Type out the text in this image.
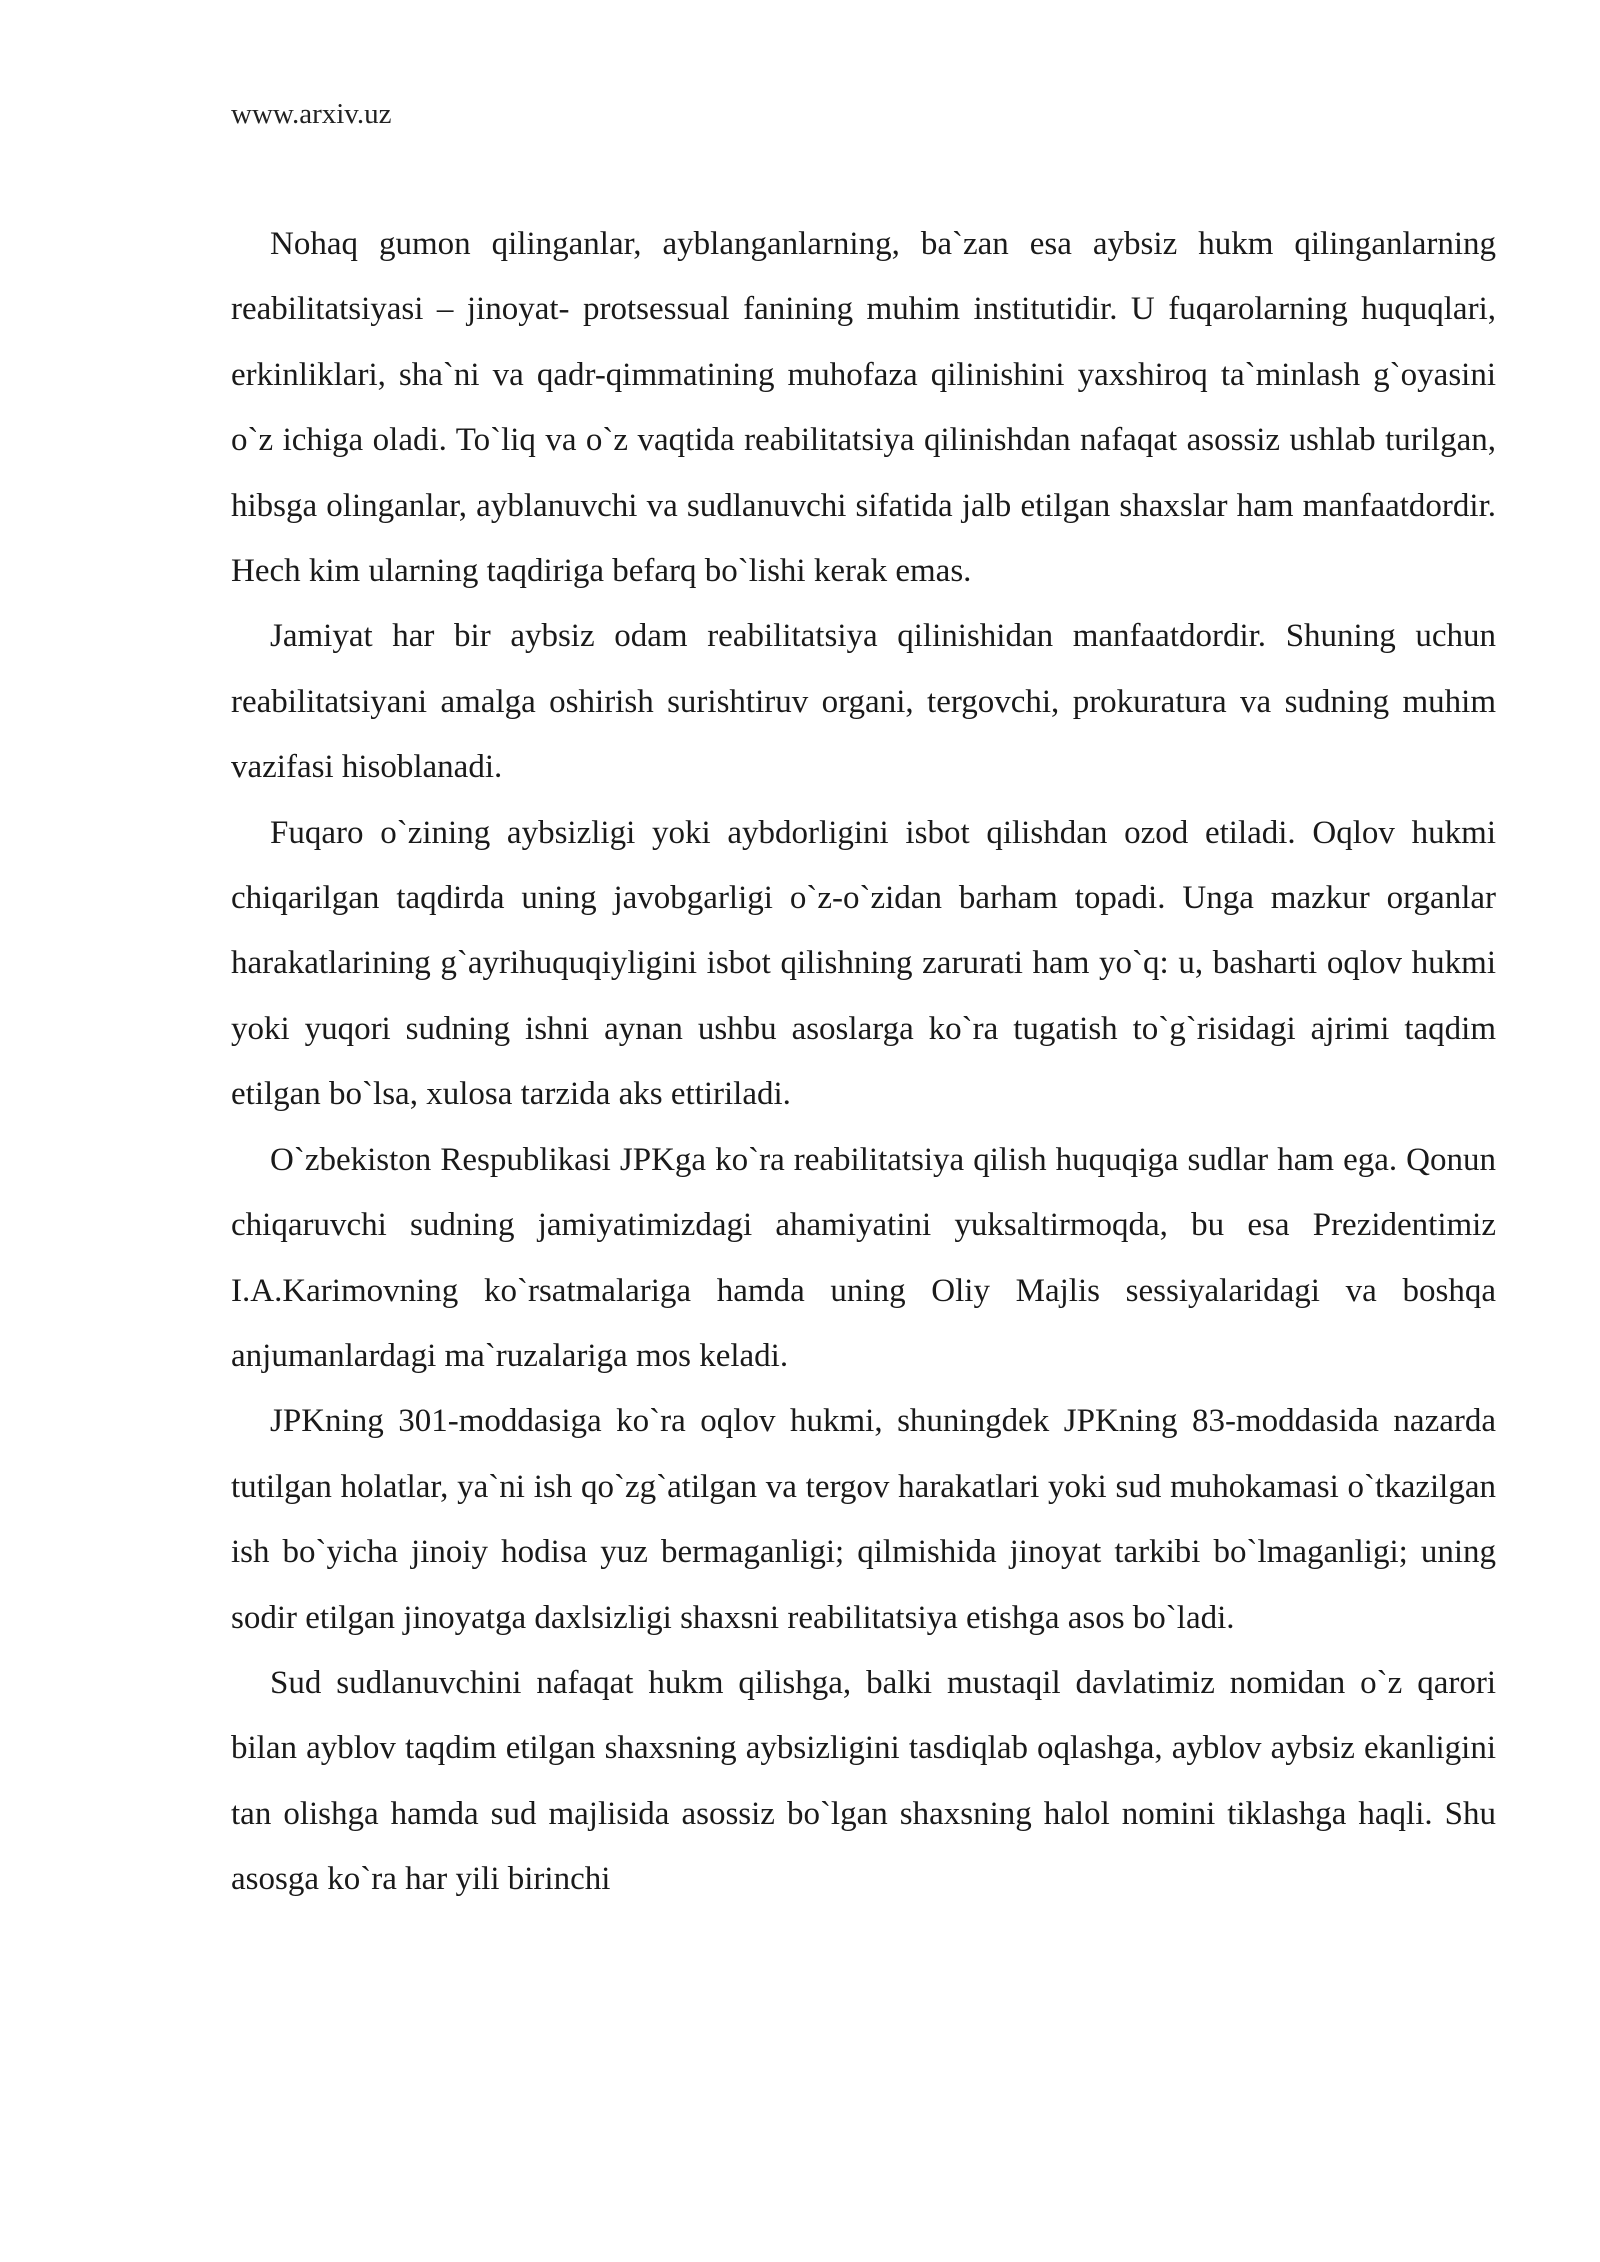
www.arxiv.uz

Nohaq gumon qilinganlar, ayblanganlarning, ba`zan esa aybsiz hukm qilinganlarning reabilitatsiyasi – jinoyat- protsessual fanining muhim institutidir. U fuqarolarning huquqlari, erkinliklari, sha`ni va qadr-qimmatining muhofaza qilinishini yaxshiroq ta`minlash g`oyasini o`z ichiga oladi. To`liq va o`z vaqtida reabilitatsiya qilinishdan nafaqat asossiz ushlab turilgan, hibsga olinganlar, ayblanuvchi va sudlanuvchi sifatida jalb etilgan shaxslar ham manfaatdordir. Hech kim ularning taqdiriga befarq bo`lishi kerak emas.

Jamiyat har bir aybsiz odam reabilitatsiya qilinishidan manfaatdordir. Shuning uchun reabilitatsiyani amalga oshirish surishtiruv organi, tergovchi, prokuratura va sudning muhim vazifasi hisoblanadi.

Fuqaro o`zining aybsizligi yoki aybdorligini isbot qilishdan ozod etiladi. Oqlov hukmi chiqarilgan taqdirda uning javobgarligi o`z-o`zidan barham topadi. Unga mazkur organlar harakatlarining g`ayrihuquqiyligini isbot qilishning zarurati ham yo`q: u, basharti oqlov hukmi yoki yuqori sudning ishni aynan ushbu asoslarga ko`ra tugatish to`g`risidagi ajrimi taqdim etilgan bo`lsa, xulosa tarzida aks ettiriladi.

O`zbekiston Respublikasi JPKga ko`ra reabilitatsiya qilish huquqiga sudlar ham ega. Qonun chiqaruvchi sudning jamiyatimizdagi ahamiyatini yuksaltirmoqda, bu esa Prezidentimiz I.A.Karimovning ko`rsatmalariga hamda uning Oliy Majlis sessiyalaridagi va boshqa anjumanlardagi ma`ruzalariga mos keladi.

JPKning 301-moddasiga ko`ra oqlov hukmi, shuningdek JPKning 83-moddasida nazarda tutilgan holatlar, ya`ni ish qo`zg`atilgan va tergov harakatlari yoki sud muhokamasi o`tkazilgan ish bo`yicha jinoiy hodisa yuz bermaganligi; qilmishida jinoyat tarkibi bo`lmaganligi; uning sodir etilgan jinoyatga daxlsizligi shaxsni reabilitatsiya etishga asos bo`ladi.

Sud sudlanuvchini nafaqat hukm qilishga, balki mustaqil davlatimiz nomidan o`z qarori bilan ayblov taqdim etilgan shaxsning aybsizligini tasdiqlab oqlashga, ayblov aybsiz ekanligini tan olishga hamda sud majlisida asossiz bo`lgan shaxsning halol nomini tiklashga haqli. Shu asosga ko`ra har yili birinchi
